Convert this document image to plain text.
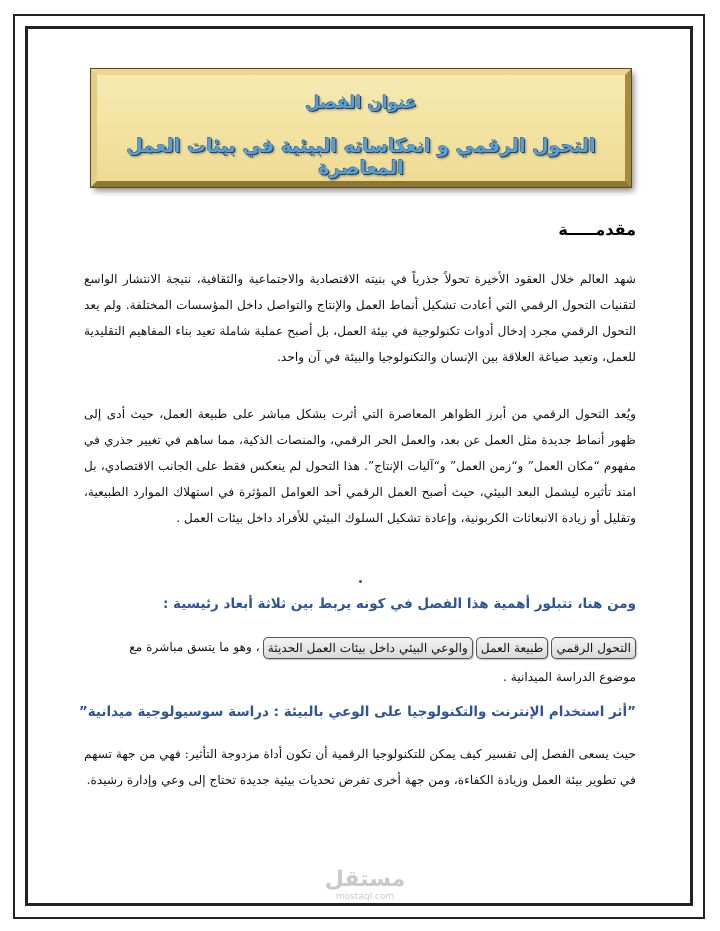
عنوان الفصل
التحول الرقمي و انعكاساته البيئية في بيئات العمل المعاصرة
مقدمـــــة
شهد العالم خلال العقود الأخيرة تحولاً جذرياً في بنيته الاقتصادية والاجتماعية والثقافية، نتيجة الانتشار الواسع لتقنيات التحول الرقمي التي أعادت تشكيل أنماط العمل والإنتاج والتواصل داخل المؤسسات المختلفة. ولم يعد التحول الرقمي مجرد إدخال أدوات تكنولوجية في بيئة العمل، بل أصبح عملية شاملة تعيد بناء المفاهيم التقليدية للعمل، وتعيد صياغة العلاقة بين الإنسان والتكنولوجيا والبيئة في آن واحد.
ويُعد التحول الرقمي من أبرز الظواهر المعاصرة التي أثرت بشكل مباشر على طبيعة العمل، حيث أدى إلى ظهور أنماط جديدة مثل العمل عن بعد، والعمل الحر الرقمي، والمنصات الذكية، مما ساهم في تغيير جذري في مفهوم “مكان العمل” و“زمن العمل” و“آليات الإنتاج”. هذا التحول لم ينعكس فقط على الجانب الاقتصادي، بل امتد تأثيره ليشمل البعد البيئي، حيث أصبح العمل الرقمي أحد العوامل المؤثرة في استهلاك الموارد الطبيعية، وتقليل أو زيادة الانبعاثات الكربونية، وإعادة تشكيل السلوك البيئي للأفراد داخل بيئات العمل .
ومن هنا، تتبلور أهمية هذا الفصل في كونه يربط بين ثلاثة أبعاد رئيسية :
التحول الرقميطبيعة العملوالوعي البيئي داخل بيئات العمل الحديثة، وهو ما يتسق مباشرة مع
موضوع الدراسة الميدانية .
”أثر استخدام الإنترنت والتكنولوجيا على الوعي بالبيئة : دراسة سوسيولوجية ميدانية”
حيث يسعى الفصل إلى تفسير كيف يمكن للتكنولوجيا الرقمية أن تكون أداة مزدوجة التأثير: فهي من جهة تسهم في تطوير بيئة العمل وزيادة الكفاءة، ومن جهة أخرى تفرض تحديات بيئية جديدة تحتاج إلى وعي وإدارة رشيدة.
مستقل
mostaql.com
